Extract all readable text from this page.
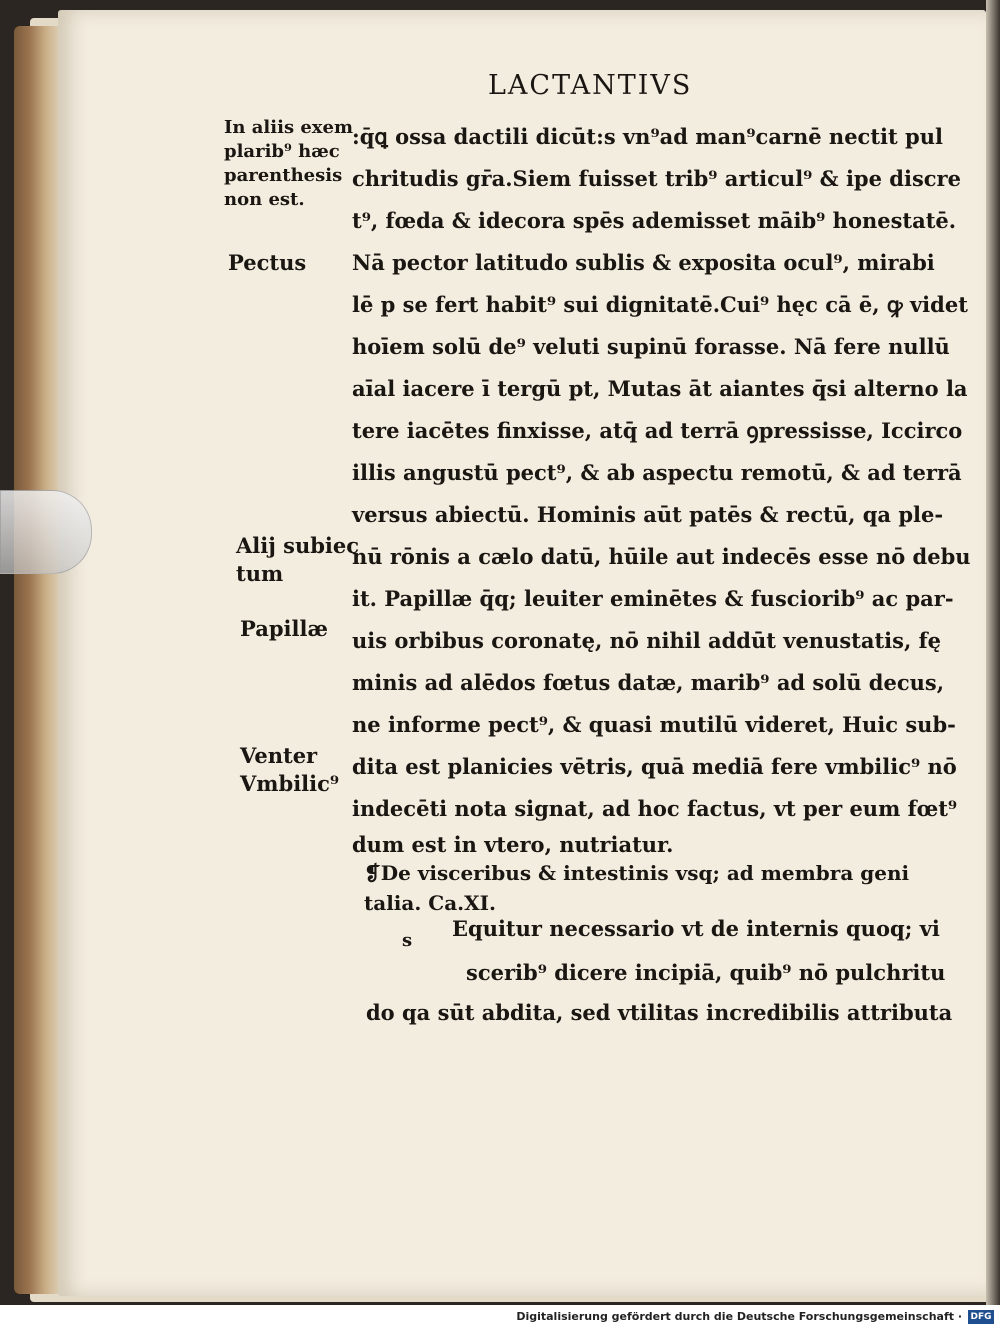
LACTANTIVS
In aliis exem
plarib⁹ hæc
parenthesis
non est.
Pectus
Alij subiec
tum
Papillæ
Venter
Vmbilic⁹
:q̄ꝗ ossa dactili dicūt:s vn⁹ad man⁹carnē nectit pul
chritudis gr̄a.Siem fuisset trib⁹ articul⁹ & ipe discre
t⁹, fœda & idecora spēs ademisset māib⁹ honestatē.
Nā pector latitudo sublis & exposita ocul⁹, mirabi
lē p se fert habit⁹ sui dignitatē.Cui⁹ hęc cā ē, ꝙ videt
hoīem solū de⁹ veluti supinū forasse. Nā fere nullū
aīal iacere ī tergū pt, Mutas āt aiantes q̄si alterno la
tere iacētes finxisse, atq̄ ad terrā ꝯpressisse, Iccirco
illis angustū pect⁹, & ab aspectu remotū, & ad terrā
versus abiectū. Hominis aūt patēs & rectū, qa ple-
nū rōnis a cælo datū, hūile aut indecēs esse nō debu
it. Papillæ q̄q; leuiter eminētes & fusciorib⁹ ac par-
uis orbibus coronatę, nō nihil addūt venustatis, fę
minis ad alēdos fœtus datæ, marib⁹ ad solū decus,
ne informe pect⁹, & quasi mutilū videret, Huic sub-
dita est planicies vētris, quā mediā fere vmbilic⁹ nō
indecēti nota signat, ad hoc factus, vt per eum fœt⁹
dum est in vtero, nutriatur.
❡De visceribus & intestinis vsq; ad membra geni
talia. Ca.XI.
s Equitur necessario vt de internis quoq; vi
scerib⁹ dicere incipiā, quib⁹ nō pulchritu
do qa sūt abdita, sed vtilitas incredibilis attributa
Digitalisierung gefördert durch die Deutsche Forschungsgemeinschaft · DFG
